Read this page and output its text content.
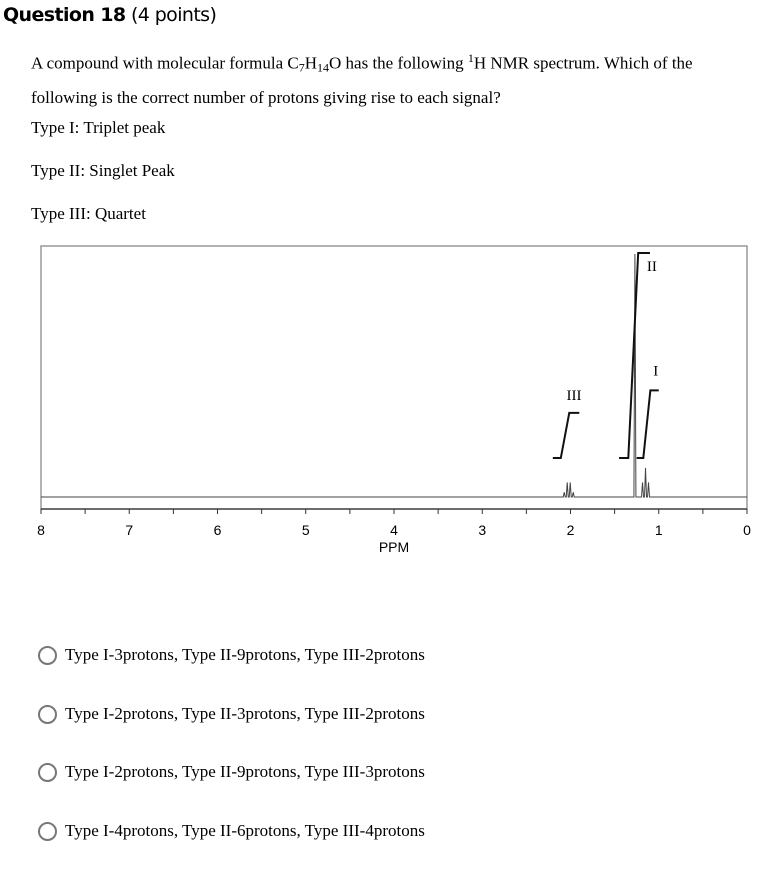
Question 18 (4 points)
A compound with molecular formula $C_7H_{14}O$ has the following $^1$H NMR spectrum. Which of the following is the correct number of protons giving rise to each signal?
Type I: Triplet peak
Type II: Singlet Peak
Type III: Quartet
8	7	6	5	4	3	2	1	0
PPM
III
II
I
Type I-3protons, Type II-9protons, Type III-2protons
Type I-2protons, Type II-3protons, Type III-2protons
Type I-2protons, Type II-9protons, Type III-3protons
Type I-4protons, Type II-6protons, Type III-4protons
